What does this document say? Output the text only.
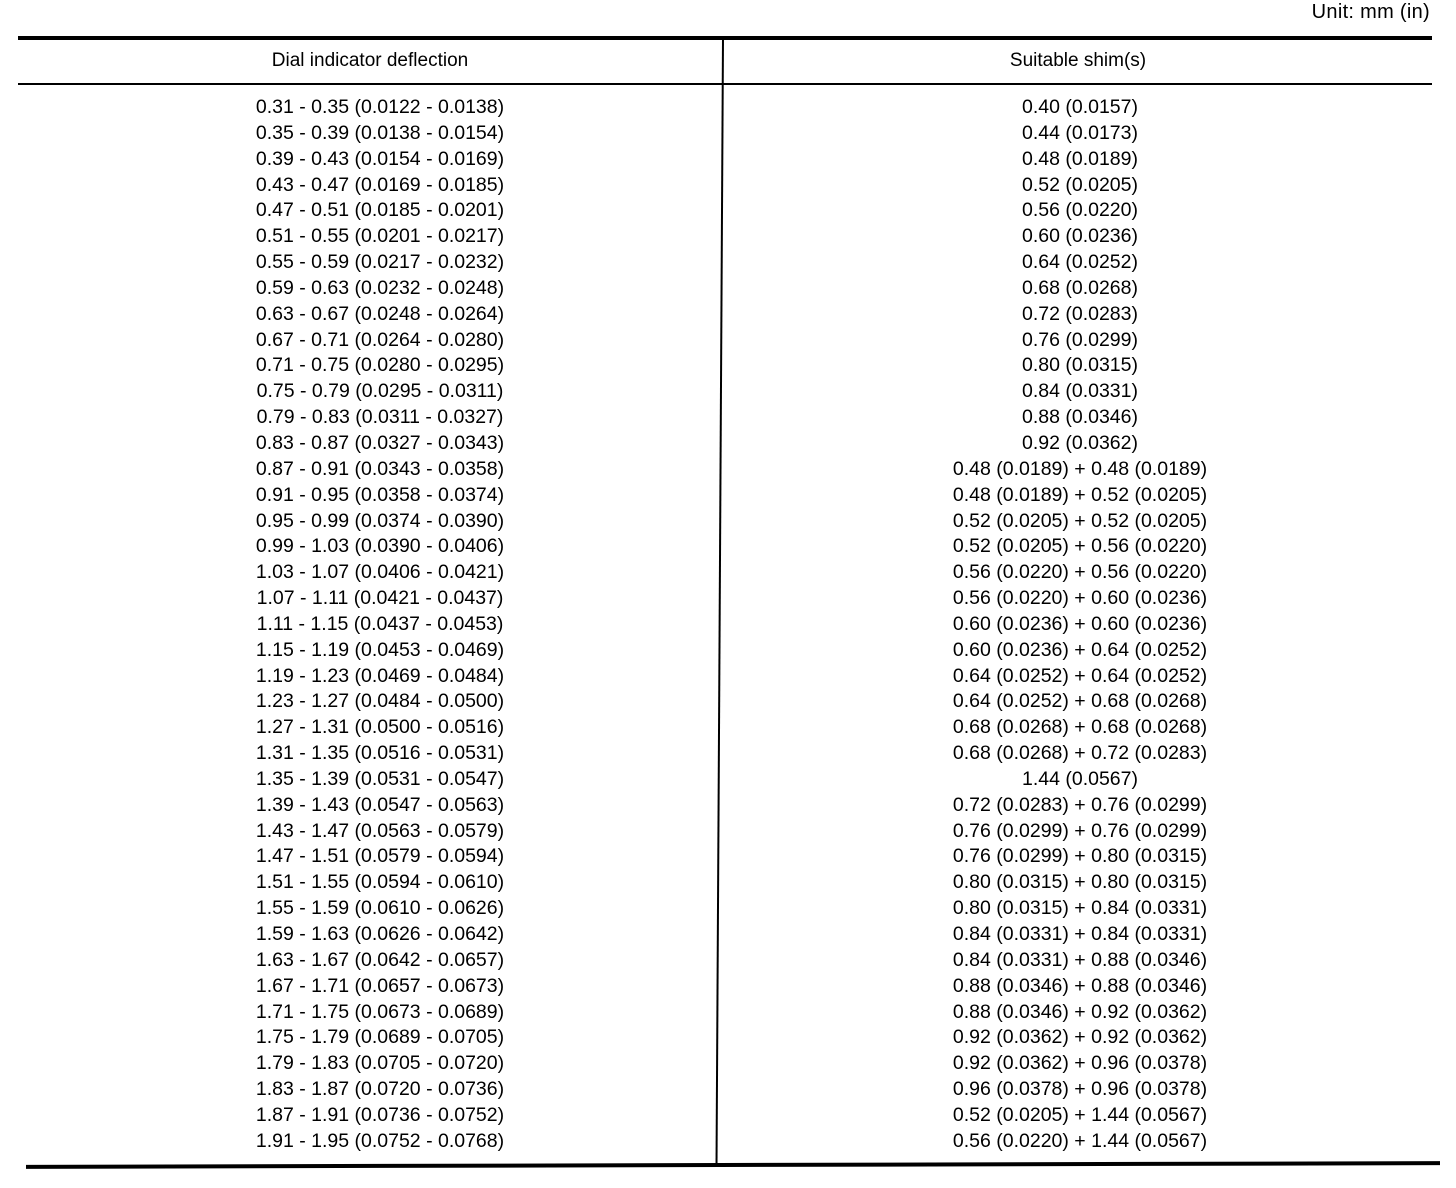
Unit: mm (in)
Dial indicator deflection	Suitable shim(s)
0.31 - 0.35 (0.0122 - 0.0138)	0.40 (0.0157)
0.35 - 0.39 (0.0138 - 0.0154)	0.44 (0.0173)
0.39 - 0.43 (0.0154 - 0.0169)	0.48 (0.0189)
0.43 - 0.47 (0.0169 - 0.0185)	0.52 (0.0205)
0.47 - 0.51 (0.0185 - 0.0201)	0.56 (0.0220)
0.51 - 0.55 (0.0201 - 0.0217)	0.60 (0.0236)
0.55 - 0.59 (0.0217 - 0.0232)	0.64 (0.0252)
0.59 - 0.63 (0.0232 - 0.0248)	0.68 (0.0268)
0.63 - 0.67 (0.0248 - 0.0264)	0.72 (0.0283)
0.67 - 0.71 (0.0264 - 0.0280)	0.76 (0.0299)
0.71 - 0.75 (0.0280 - 0.0295)	0.80 (0.0315)
0.75 - 0.79 (0.0295 - 0.0311)	0.84 (0.0331)
0.79 - 0.83 (0.0311 - 0.0327)	0.88 (0.0346)
0.83 - 0.87 (0.0327 - 0.0343)	0.92 (0.0362)
0.87 - 0.91 (0.0343 - 0.0358)	0.48 (0.0189) + 0.48 (0.0189)
0.91 - 0.95 (0.0358 - 0.0374)	0.48 (0.0189) + 0.52 (0.0205)
0.95 - 0.99 (0.0374 - 0.0390)	0.52 (0.0205) + 0.52 (0.0205)
0.99 - 1.03 (0.0390 - 0.0406)	0.52 (0.0205) + 0.56 (0.0220)
1.03 - 1.07 (0.0406 - 0.0421)	0.56 (0.0220) + 0.56 (0.0220)
1.07 - 1.11 (0.0421 - 0.0437)	0.56 (0.0220) + 0.60 (0.0236)
1.11 - 1.15 (0.0437 - 0.0453)	0.60 (0.0236) + 0.60 (0.0236)
1.15 - 1.19 (0.0453 - 0.0469)	0.60 (0.0236) + 0.64 (0.0252)
1.19 - 1.23 (0.0469 - 0.0484)	0.64 (0.0252) + 0.64 (0.0252)
1.23 - 1.27 (0.0484 - 0.0500)	0.64 (0.0252) + 0.68 (0.0268)
1.27 - 1.31 (0.0500 - 0.0516)	0.68 (0.0268) + 0.68 (0.0268)
1.31 - 1.35 (0.0516 - 0.0531)	0.68 (0.0268) + 0.72 (0.0283)
1.35 - 1.39 (0.0531 - 0.0547)	1.44 (0.0567)
1.39 - 1.43 (0.0547 - 0.0563)	0.72 (0.0283) + 0.76 (0.0299)
1.43 - 1.47 (0.0563 - 0.0579)	0.76 (0.0299) + 0.76 (0.0299)
1.47 - 1.51 (0.0579 - 0.0594)	0.76 (0.0299) + 0.80 (0.0315)
1.51 - 1.55 (0.0594 - 0.0610)	0.80 (0.0315) + 0.80 (0.0315)
1.55 - 1.59 (0.0610 - 0.0626)	0.80 (0.0315) + 0.84 (0.0331)
1.59 - 1.63 (0.0626 - 0.0642)	0.84 (0.0331) + 0.84 (0.0331)
1.63 - 1.67 (0.0642 - 0.0657)	0.84 (0.0331) + 0.88 (0.0346)
1.67 - 1.71 (0.0657 - 0.0673)	0.88 (0.0346) + 0.88 (0.0346)
1.71 - 1.75 (0.0673 - 0.0689)	0.88 (0.0346) + 0.92 (0.0362)
1.75 - 1.79 (0.0689 - 0.0705)	0.92 (0.0362) + 0.92 (0.0362)
1.79 - 1.83 (0.0705 - 0.0720)	0.92 (0.0362) + 0.96 (0.0378)
1.83 - 1.87 (0.0720 - 0.0736)	0.96 (0.0378) + 0.96 (0.0378)
1.87 - 1.91 (0.0736 - 0.0752)	0.52 (0.0205) + 1.44 (0.0567)
1.91 - 1.95 (0.0752 - 0.0768)	0.56 (0.0220) + 1.44 (0.0567)
